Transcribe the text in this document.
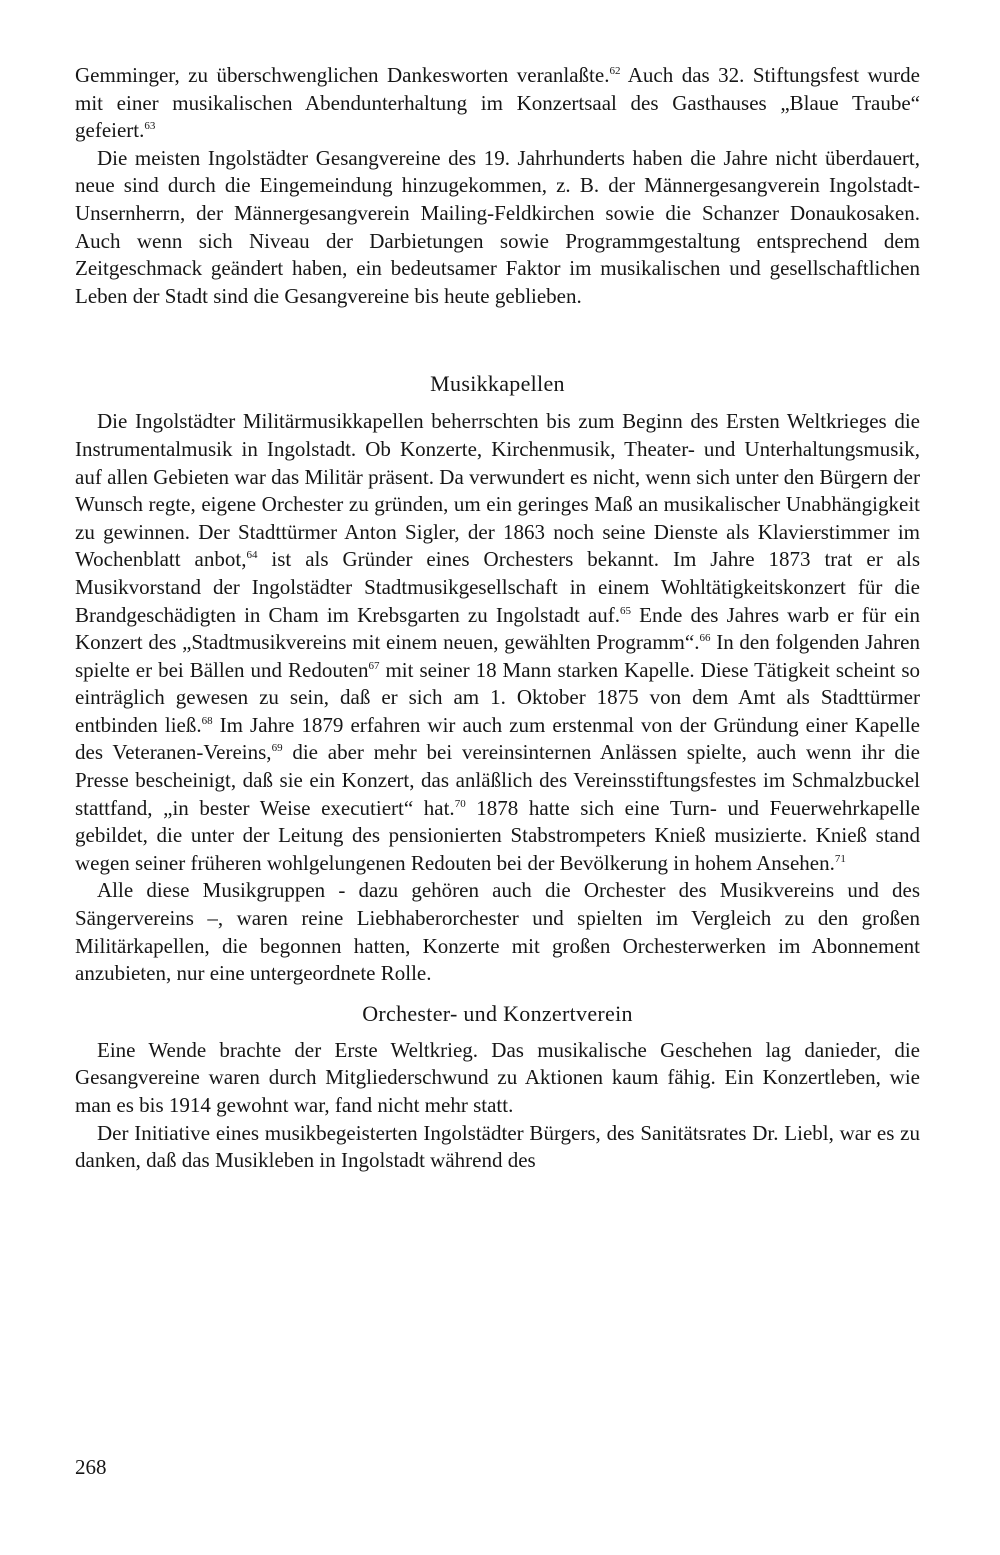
Gemminger, zu überschwenglichen Dankesworten veranlaßte.$^{62}$ Auch das 32. Stiftungsfest wurde mit einer musikalischen Abendunterhaltung im Konzertsaal des Gasthauses „Blaue Traube“ gefeiert.$^{63}$

Die meisten Ingolstädter Gesangvereine des 19. Jahrhunderts haben die Jahre nicht überdauert, neue sind durch die Eingemeindung hinzugekommen, z. B. der Männergesangverein Ingolstadt-Unsernherrn, der Männergesangverein Mailing-Feldkirchen sowie die Schanzer Donaukosaken. Auch wenn sich Niveau der Darbietungen sowie Programmgestaltung entsprechend dem Zeitgeschmack geändert haben, ein bedeutsamer Faktor im musikalischen und gesellschaftlichen Leben der Stadt sind die Gesangvereine bis heute geblieben.

Musikkapellen

Die Ingolstädter Militärmusikkapellen beherrschten bis zum Beginn des Ersten Weltkrieges die Instrumentalmusik in Ingolstadt. Ob Konzerte, Kirchenmusik, Theater- und Unterhaltungsmusik, auf allen Gebieten war das Militär präsent. Da verwundert es nicht, wenn sich unter den Bürgern der Wunsch regte, eigene Orchester zu gründen, um ein geringes Maß an musikalischer Unabhängigkeit zu gewinnen. Der Stadttürmer Anton Sigler, der 1863 noch seine Dienste als Klavierstimmer im Wochenblatt anbot,$^{64}$ ist als Gründer eines Orchesters bekannt. Im Jahre 1873 trat er als Musikvorstand der Ingolstädter Stadtmusikgesellschaft in einem Wohltätigkeitskonzert für die Brandgeschädigten in Cham im Krebsgarten zu Ingolstadt auf.$^{65}$ Ende des Jahres warb er für ein Konzert des „Stadtmusikvereins mit einem neuen, gewählten Programm“.$^{66}$ In den folgenden Jahren spielte er bei Bällen und Redouten$^{67}$ mit seiner 18 Mann starken Kapelle. Diese Tätigkeit scheint so einträglich gewesen zu sein, daß er sich am 1. Oktober 1875 von dem Amt als Stadttürmer entbinden ließ.$^{68}$ Im Jahre 1879 erfahren wir auch zum erstenmal von der Gründung einer Kapelle des Veteranen-Vereins,$^{69}$ die aber mehr bei vereinsinternen Anlässen spielte, auch wenn ihr die Presse bescheinigt, daß sie ein Konzert, das anläßlich des Vereinsstiftungsfestes im Schmalzbuckel stattfand, „in bester Weise executiert“ hat.$^{70}$ 1878 hatte sich eine Turn- und Feuerwehrkapelle gebildet, die unter der Leitung des pensionierten Stabstrompeters Knieß musizierte. Knieß stand wegen seiner früheren wohlgelungenen Redouten bei der Bevölkerung in hohem Ansehen.$^{71}$

Alle diese Musikgruppen - dazu gehören auch die Orchester des Musikvereins und des Sängervereins –, waren reine Liebhaberorchester und spielten im Vergleich zu den großen Militärkapellen, die begonnen hatten, Konzerte mit großen Orchesterwerken im Abonnement anzubieten, nur eine untergeordnete Rolle.

Orchester- und Konzertverein

Eine Wende brachte der Erste Weltkrieg. Das musikalische Geschehen lag danieder, die Gesangvereine waren durch Mitgliederschwund zu Aktionen kaum fähig. Ein Konzertleben, wie man es bis 1914 gewohnt war, fand nicht mehr statt.

Der Initiative eines musikbegeisterten Ingolstädter Bürgers, des Sanitätsrates Dr. Liebl, war es zu danken, daß das Musikleben in Ingolstadt während des

268
